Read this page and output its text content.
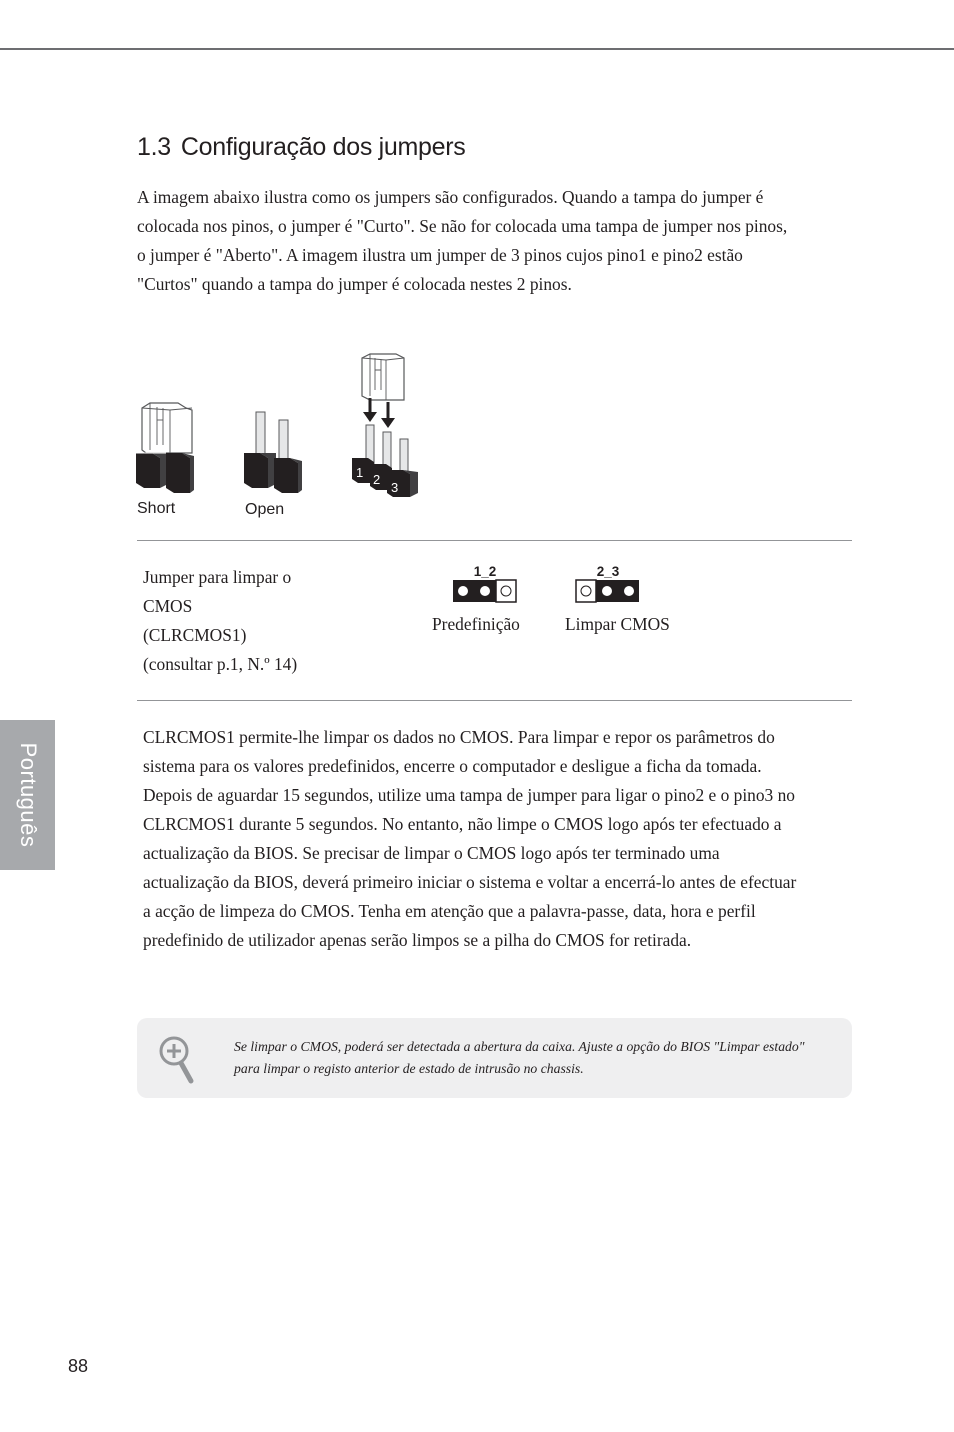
1.3 Configuração dos jumpers

A imagem abaixo ilustra como os jumpers são configurados. Quando a tampa do jumper é colocada nos pinos, o jumper é "Curto". Se não for colocada uma tampa de jumper nos pinos, o jumper é "Aberto". A imagem ilustra um jumper de 3 pinos cujos pino1 e pino2 estão "Curtos" quando a tampa do jumper é colocada nestes 2 pinos.

Short	Open
1 2
3
Jumper para limpar o
CMOS
(CLRCMOS1)
(consultar p.1, N.º 14)
1_2
Predefinição
2_3
Limpar CMOS

CLRCMOS1 permite-lhe limpar os dados no CMOS. Para limpar e repor os parâmetros do sistema para os valores predefinidos, encerre o computador e desligue a ficha da tomada. Depois de aguardar 15 segundos, utilize uma tampa de jumper para ligar o pino2 e o pino3 no CLRCMOS1 durante 5 segundos. No entanto, não limpe o CMOS logo após ter efectuado a actualização da BIOS. Se precisar de limpar o CMOS logo após ter terminado uma actualização da BIOS, deverá primeiro iniciar o sistema e voltar a encerrá-lo antes de efectuar a acção de limpeza do CMOS. Tenha em atenção que a palavra-passe, data, hora e perfil predefinido de utilizador apenas serão limpos se a pilha do CMOS for retirada.

Se limpar o CMOS, poderá ser detectada a abertura da caixa. Ajuste a opção do BIOS "Limpar estado" para limpar o registo anterior de estado de intrusão no chassis.
Português
88
